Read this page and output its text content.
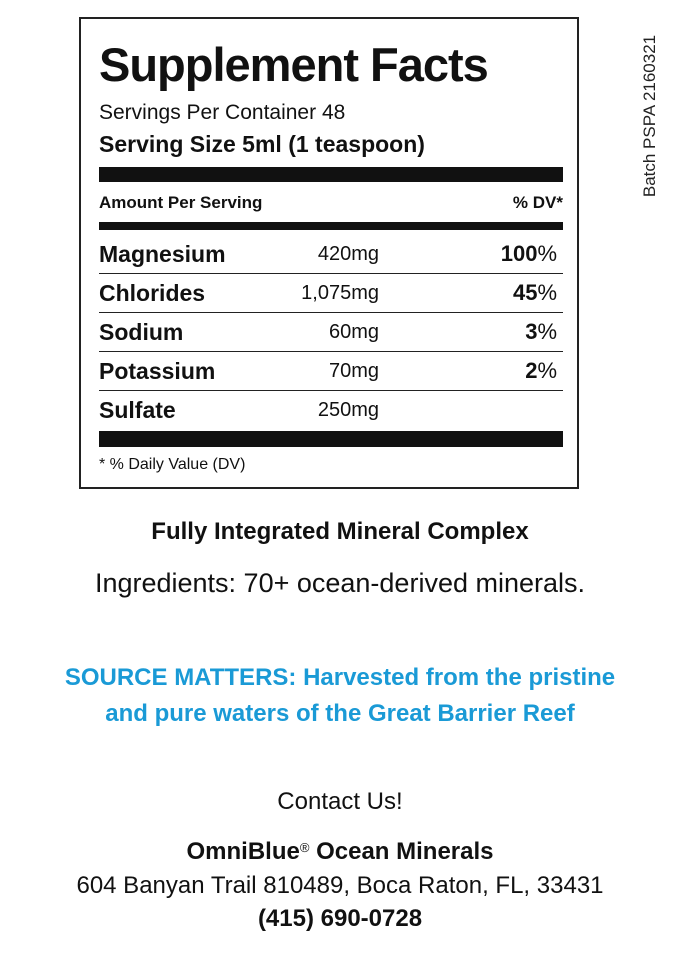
Supplement Facts
Servings Per Container 48
Serving Size 5ml (1 teaspoon)
Amount Per Serving	% DV*
Magnesium	420mg	100%
Chlorides	1,075mg	45%
Sodium	60mg	3%
Potassium	70mg	2%
Sulfate	250mg
* % Daily Value (DV)
Batch PSPA 2160321
Fully Integrated Mineral Complex
Ingredients: 70+ ocean-derived minerals.
SOURCE MATTERS: Harvested from the pristine
and pure waters of the Great Barrier Reef
Contact Us!
OmniBlue® Ocean Minerals
604 Banyan Trail 810489, Boca Raton, FL, 33431
(415) 690-0728
